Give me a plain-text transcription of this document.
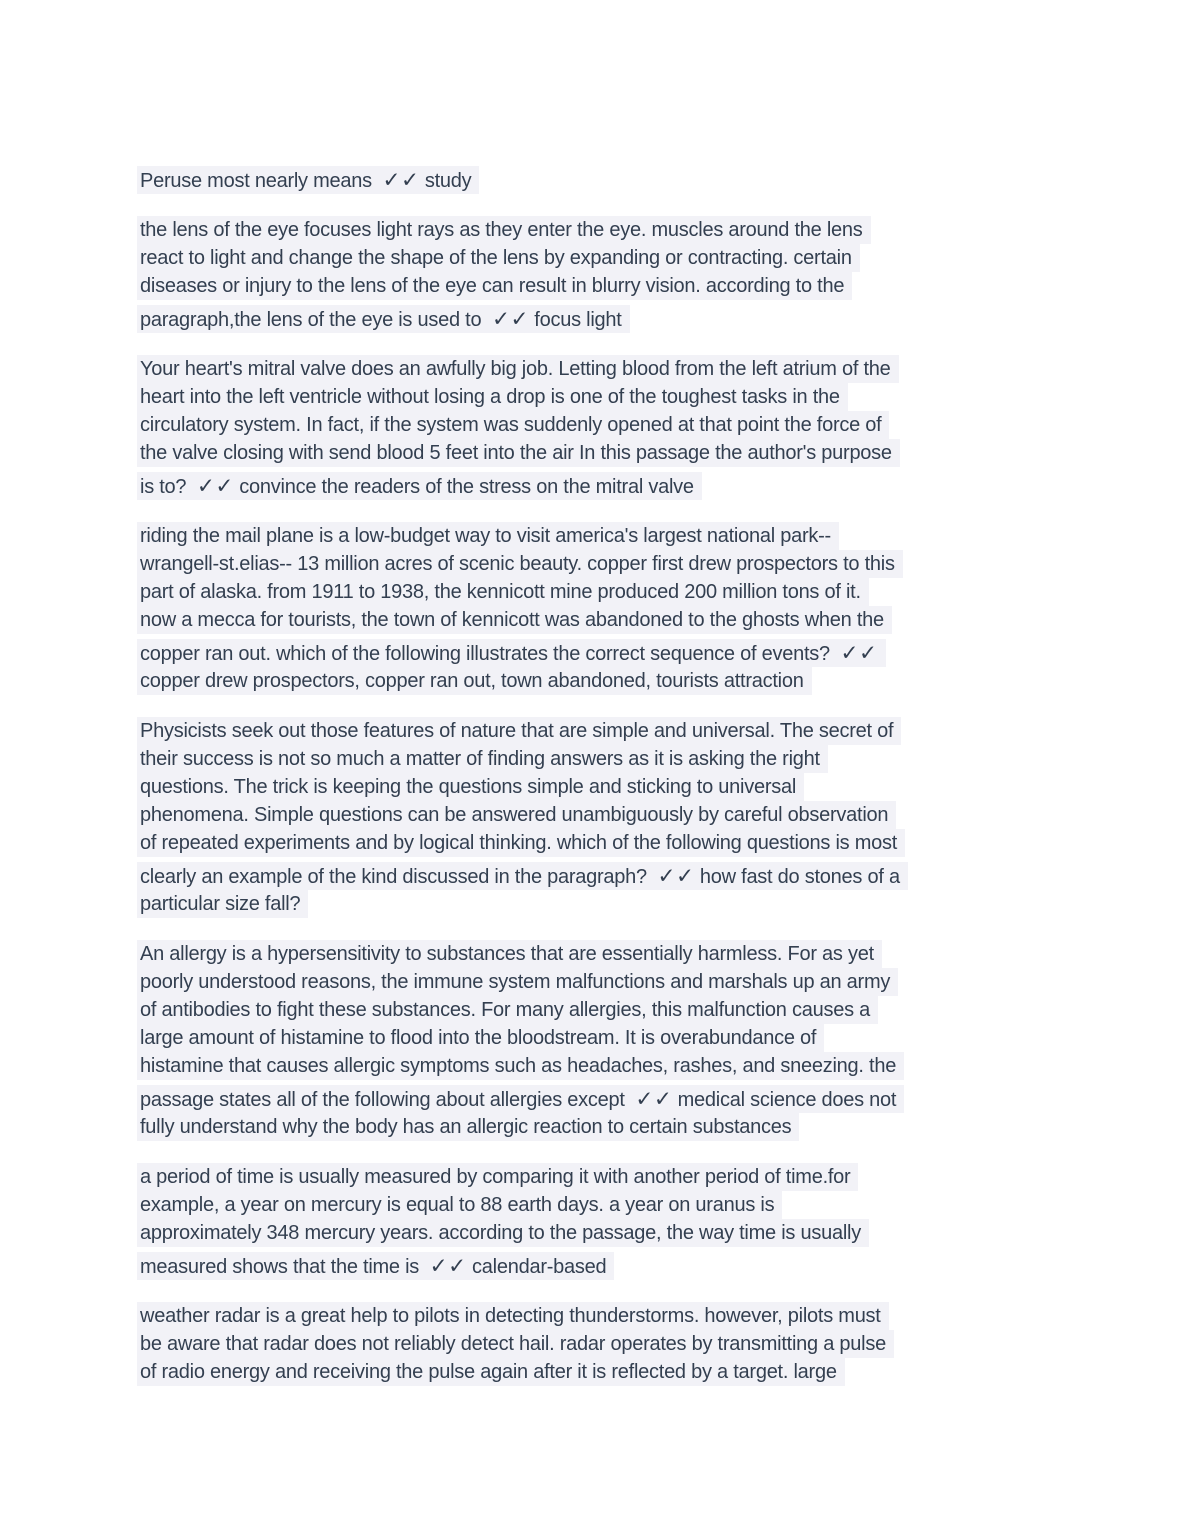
Peruse most nearly means  ✓✓ study
the lens of the eye focuses light rays as they enter the eye. muscles around the lens
react to light and change the shape of the lens by expanding or contracting. certain
diseases or injury to the lens of the eye can result in blurry vision. according to the
paragraph,the lens of the eye is used to  ✓✓ focus light
Your heart's mitral valve does an awfully big job. Letting blood from the left atrium of the
heart into the left ventricle without losing a drop is one of the toughest tasks in the
circulatory system. In fact, if the system was suddenly opened at that point the force of
the valve closing with send blood 5 feet into the air In this passage the author's purpose
is to?  ✓✓ convince the readers of the stress on the mitral valve
riding the mail plane is a low-budget way to visit america's largest national park--
wrangell-st.elias-- 13 million acres of scenic beauty. copper first drew prospectors to this
part of alaska. from 1911 to 1938, the kennicott mine produced 200 million tons of it.
now a mecca for tourists, the town of kennicott was abandoned to the ghosts when the
copper ran out. which of the following illustrates the correct sequence of events?  ✓✓
copper drew prospectors, copper ran out, town abandoned, tourists attraction
Physicists seek out those features of nature that are simple and universal. The secret of
their success is not so much a matter of finding answers as it is asking the right
questions. The trick is keeping the questions simple and sticking to universal
phenomena. Simple questions can be answered unambiguously by careful observation
of repeated experiments and by logical thinking. which of the following questions is most
clearly an example of the kind discussed in the paragraph?  ✓✓ how fast do stones of a
particular size fall?
An allergy is a hypersensitivity to substances that are essentially harmless. For as yet
poorly understood reasons, the immune system malfunctions and marshals up an army
of antibodies to fight these substances. For many allergies, this malfunction causes a
large amount of histamine to flood into the bloodstream. It is overabundance of
histamine that causes allergic symptoms such as headaches, rashes, and sneezing. the
passage states all of the following about allergies except  ✓✓ medical science does not
fully understand why the body has an allergic reaction to certain substances
a period of time is usually measured by comparing it with another period of time.for
example, a year on mercury is equal to 88 earth days. a year on uranus is
approximately 348 mercury years. according to the passage, the way time is usually
measured shows that the time is  ✓✓ calendar-based
weather radar is a great help to pilots in detecting thunderstorms. however, pilots must
be aware that radar does not reliably detect hail. radar operates by transmitting a pulse
of radio energy and receiving the pulse again after it is reflected by a target. large
